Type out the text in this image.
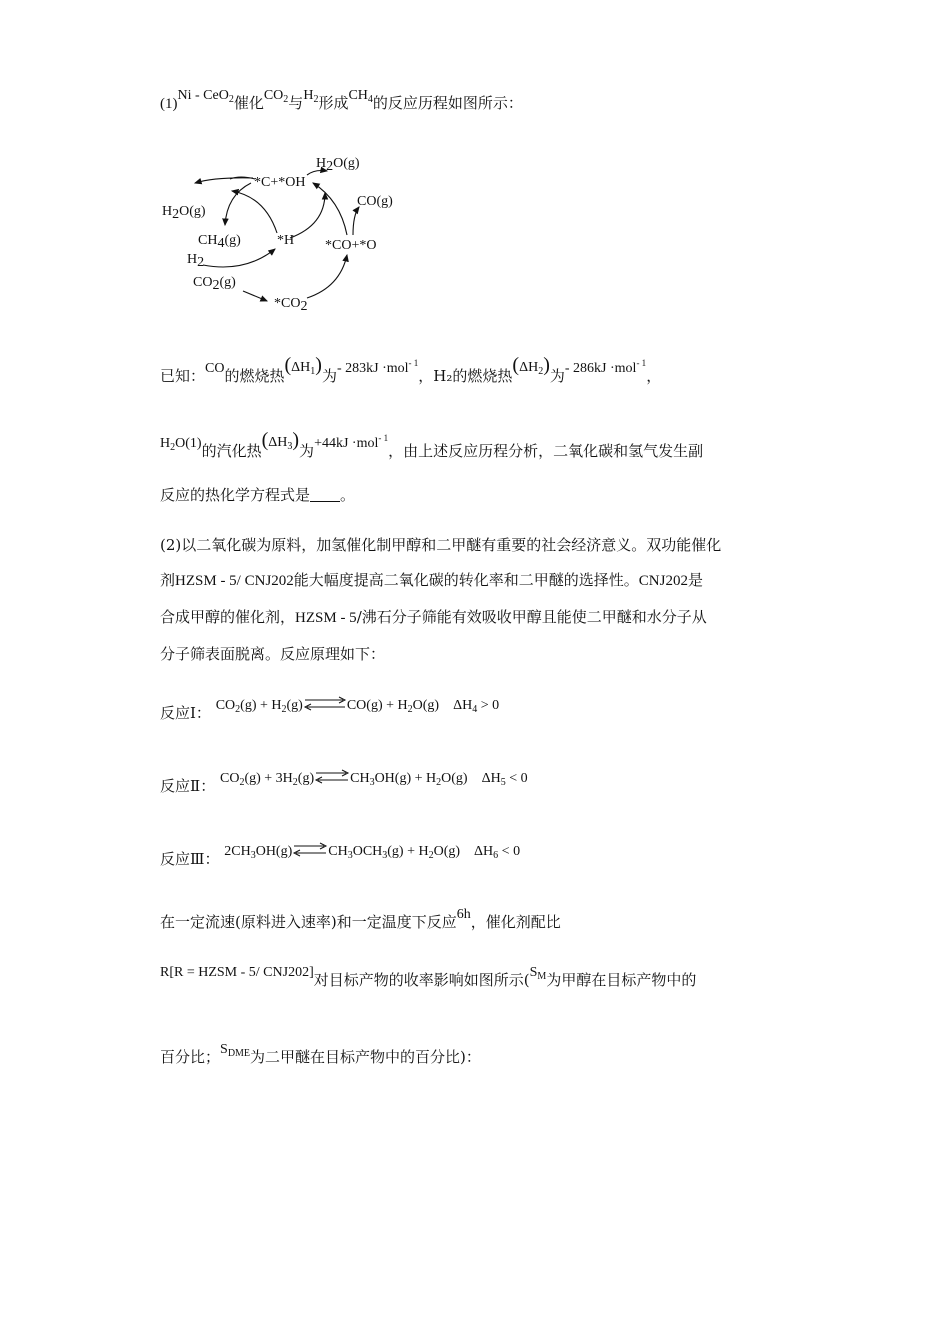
(1)Ni - CeO$_2$催化$CO_2$与$H_2$形成$CH_4$的反应历程如图所示：
H2O(g)
*C+*OH
CO(g)
H2O(g)
CH4(g)	*H *CO+*O
H2
CO2(g)
*CO2
已知：CO的燃烧热$(\Delta H_1)$为- 283kJ ·mol$^{- 1}$，H₂的燃烧热$(\Delta H_2)$为- 286kJ ·mol$^{- 1}$，
$H_2O(1)$的汽化热$(\Delta H_3)$为+44kJ ·mol$^{- 1}$，由上述反应历程分析，二氧化碳和氢气发生副
反应的热化学方程式是 。
(2)以二氧化碳为原料，加氢催化制甲醇和二甲醚有重要的社会经济意义。双功能催化
剂HZSM - 5/ CNJ202能大幅度提高二氧化碳的转化率和二甲醚的选择性。CNJ202是
合成甲醇的催化剂，HZSM - 5/沸石分子筛能有效吸收甲醇且能使二甲醚和水分子从
分子筛表面脱离。反应原理如下：
反应Ⅰ： $CO_2(g)$ + $H_2(g)\rightleftharpoons CO(g) + H_2O(g) \Delta H_4 > 0$
反应Ⅱ： $CO_2(g)$ + $3H_2(g)\rightleftharpoons CH_3OH(g) + H_2O(g) \Delta H_5 < 0$
反应Ⅲ： $2CH_3OH(g)\rightleftharpoons CH_3OCH_3(g) + H_2O(g) \Delta H_6 < 0$
在一定流速(原料进入速率)和一定温度下反应6h，催化剂配比
R[R = HZSM - 5/ CNJ202]对目标产物的收率影响如图所示($S_M$为甲醇在目标产物中的
百分比；$S_{DME}$为二甲醚在目标产物中的百分比)：
